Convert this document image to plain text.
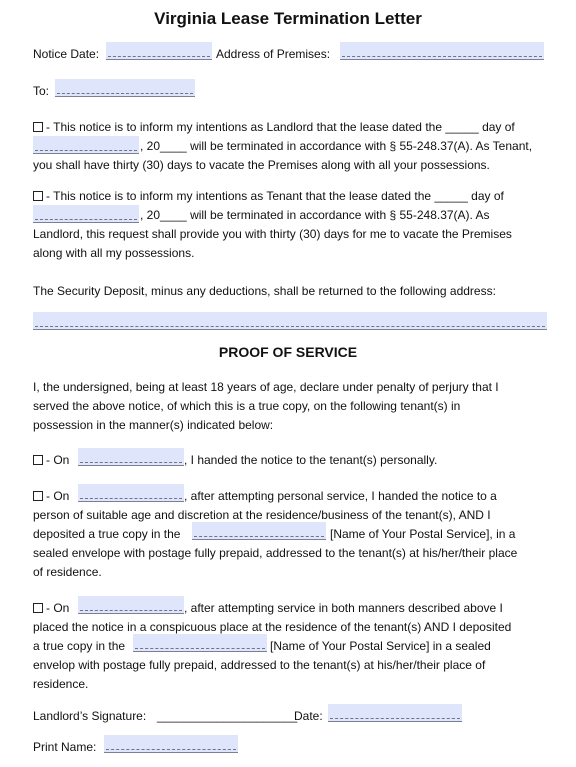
Virginia Lease Termination Letter
Notice Date:	Address of Premises:
To:
- This notice is to inform my intentions as Landlord that the lease dated the _____	day of
, 20 ____	will be terminated in accordance with § 55-248.37(A). As Tenant,
you shall have thirty (30) days to vacate the Premises along with all your possessions.
- This notice is to inform my intentions as Tenant that the lease dated the _____	day of
, 20 ____	will be terminated in accordance with § 55-248.37(A). As
Landlord, this request shall provide you with thirty (30) days for me to vacate the Premises
along with all my possessions.
The Security Deposit, minus any deductions, shall be returned to the following address:
PROOF OF SERVICE
I, the undersigned, being at least 18 years of age, declare under penalty of perjury that I
served the above notice, of which this is a true copy, on the following tenant(s) in
possession in the manner(s) indicated below:
- On	, I handed the notice to the tenant(s) personally.
- On	, after attempting personal service, I handed the notice to a
person of suitable age and discretion at the residence/business of the tenant(s), AND I
deposited a true copy in the	[Name of Your Postal Service], in a
sealed envelope with postage fully prepaid, addressed to the tenant(s) at his/her/their place
of residence.
- On	, after attempting service in both manners described above I
placed the notice in a conspicuous place at the residence of the tenant(s) AND I deposited
a true copy in the	[Name of Your Postal Service] in a sealed
envelop with postage fully prepaid, addressed to the tenant(s) at his/her/their place of
residence.
Landlord’s Signature: _____	Date:
Print Name:
